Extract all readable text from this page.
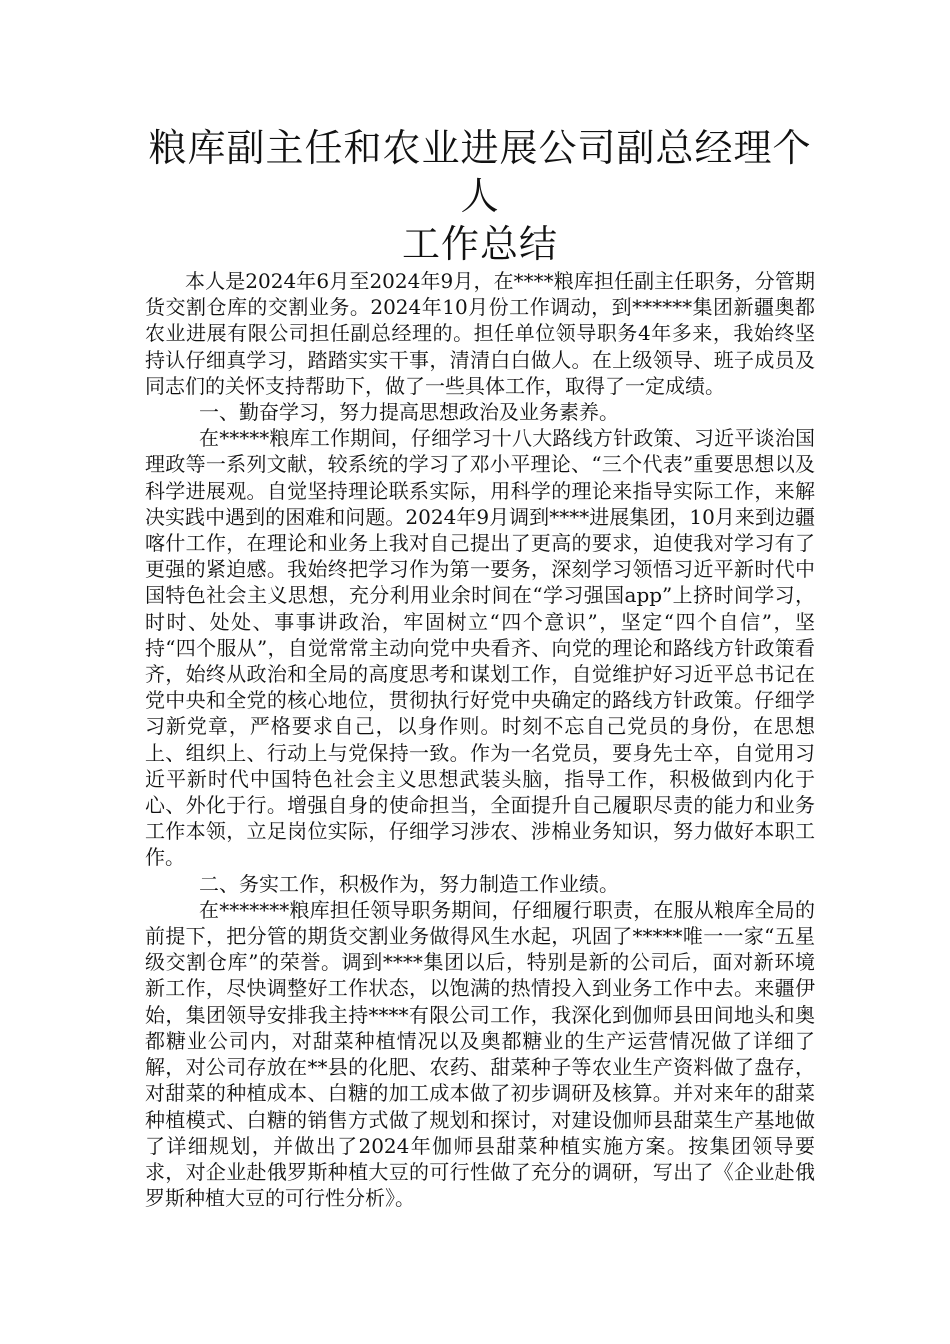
粮库副主任和农业进展公司副总经理个人
工作总结

本人是2024年6月至2024年9月，在****粮库担任副主任职务，分管期货交割仓库的交割业务。2024年10月份工作调动，到******集团新疆奥都农业进展有限公司担任副总经理的。担任单位领导职务4年多来，我始终坚持认仔细真学习，踏踏实实干事，清清白白做人。在上级领导、班子成员及同志们的关怀支持帮助下，做了一些具体工作，取得了一定成绩。

一、勤奋学习，努力提高思想政治及业务素养。

在*****粮库工作期间，仔细学习十八大路线方针政策、习近平谈治国理政等一系列文献，较系统的学习了邓小平理论、“三个代表”重要思想以及科学进展观。自觉坚持理论联系实际，用科学的理论来指导实际工作，来解决实践中遇到的困难和问题。2024年9月调到****进展集团，10月来到边疆喀什工作，在理论和业务上我对自己提出了更高的要求，迫使我对学习有了更强的紧迫感。我始终把学习作为第一要务，深刻学习领悟习近平新时代中国特色社会主义思想，充分利用业余时间在“学习强国app”上挤时间学习，时时、处处、事事讲政治，牢固树立“四个意识”，坚定“四个自信”，坚持“四个服从”，自觉常常主动向党中央看齐、向党的理论和路线方针政策看齐，始终从政治和全局的高度思考和谋划工作，自觉维护好习近平总书记在党中央和全党的核心地位，贯彻执行好党中央确定的路线方针政策。仔细学习新党章，严格要求自己，以身作则。时刻不忘自己党员的身份，在思想上、组织上、行动上与党保持一致。作为一名党员，要身先士卒，自觉用习近平新时代中国特色社会主义思想武装头脑，指导工作，积极做到内化于心、外化于行。增强自身的使命担当，全面提升自己履职尽责的能力和业务工作本领，立足岗位实际，仔细学习涉农、涉棉业务知识，努力做好本职工作。

二、务实工作，积极作为，努力制造工作业绩。

在*******粮库担任领导职务期间，仔细履行职责，在服从粮库全局的前提下，把分管的期货交割业务做得风生水起，巩固了*****唯一一家“五星级交割仓库”的荣誉。调到****集团以后，特别是新的公司后，面对新环境新工作，尽快调整好工作状态，以饱满的热情投入到业务工作中去。来疆伊始，集团领导安排我主持****有限公司工作，我深化到伽师县田间地头和奥都糖业公司内，对甜菜种植情况以及奥都糖业的生产运营情况做了详细了解，对公司存放在**县的化肥、农药、甜菜种子等农业生产资料做了盘存，对甜菜的种植成本、白糖的加工成本做了初步调研及核算。并对来年的甜菜种植模式、白糖的销售方式做了规划和探讨，对建设伽师县甜菜生产基地做了详细规划，并做出了2024年伽师县甜菜种植实施方案。按集团领导要求，对企业赴俄罗斯种植大豆的可行性做了充分的调研，写出了《企业赴俄罗斯种植大豆的可行性分析》。
